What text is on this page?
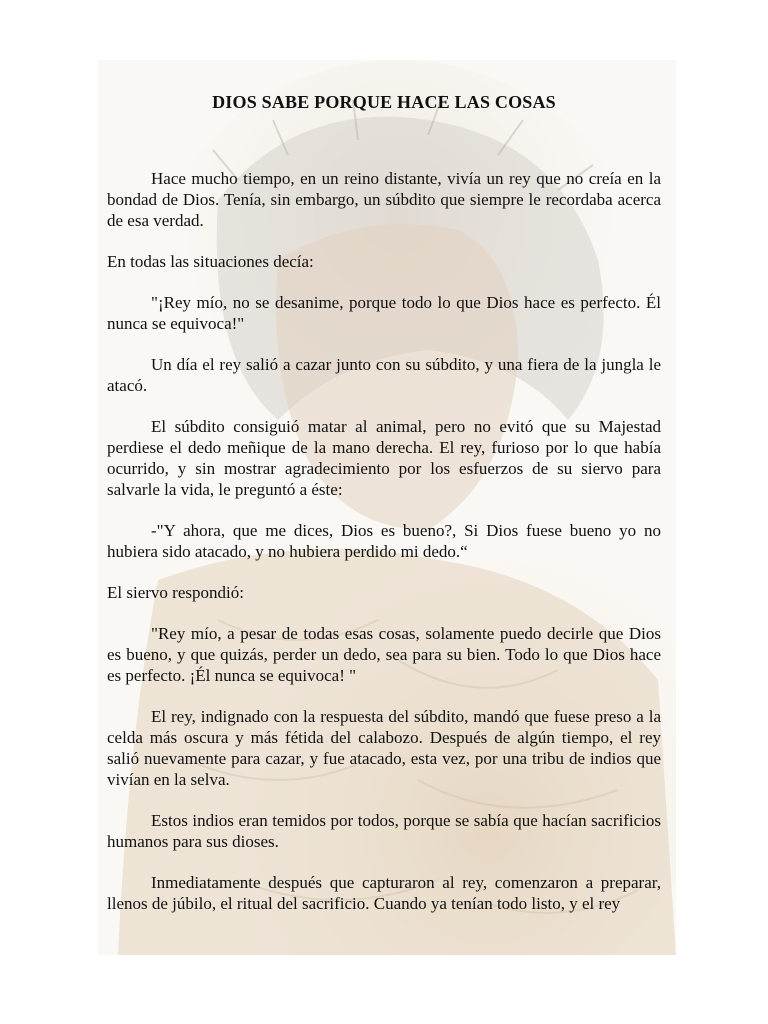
DIOS SABE PORQUE HACE LAS COSAS

Hace mucho tiempo, en un reino distante, vivía un rey que no creía en la bondad de Dios. Tenía, sin embargo, un súbdito que siempre le recordaba acerca de esa verdad.

En todas las situaciones decía:

"¡Rey mío, no se desanime, porque todo lo que Dios hace es perfecto. Él nunca se equivoca!"

Un día el rey salió a cazar junto con su súbdito, y una fiera de la jungla le atacó.

El súbdito consiguió matar al animal, pero no evitó que su Majestad perdiese el dedo meñique de la mano derecha. El rey, furioso por lo que había ocurrido, y sin mostrar agradecimiento por los esfuerzos de su siervo para salvarle la vida, le preguntó a éste:

-"Y ahora, que me dices, Dios es bueno?, Si Dios fuese bueno yo no hubiera sido atacado, y no hubiera perdido mi dedo.“

El siervo respondió:

"Rey mío, a pesar de todas esas cosas, solamente puedo decirle que Dios es bueno, y que quizás, perder un dedo, sea para su bien. Todo lo que Dios hace es perfecto. ¡Él nunca se equivoca! "

El rey, indignado con la respuesta del súbdito, mandó que fuese preso a la celda más oscura y más fétida del calabozo. Después de algún tiempo, el rey salió nuevamente para cazar, y fue atacado, esta vez, por una tribu de indios que vivían en la selva.

Estos indios eran temidos por todos, porque se sabía que hacían sacrificios humanos para sus dioses.

Inmediatamente después que capturaron al rey, comenzaron a preparar, llenos de júbilo, el ritual del sacrificio. Cuando ya tenían todo listo, y el rey
